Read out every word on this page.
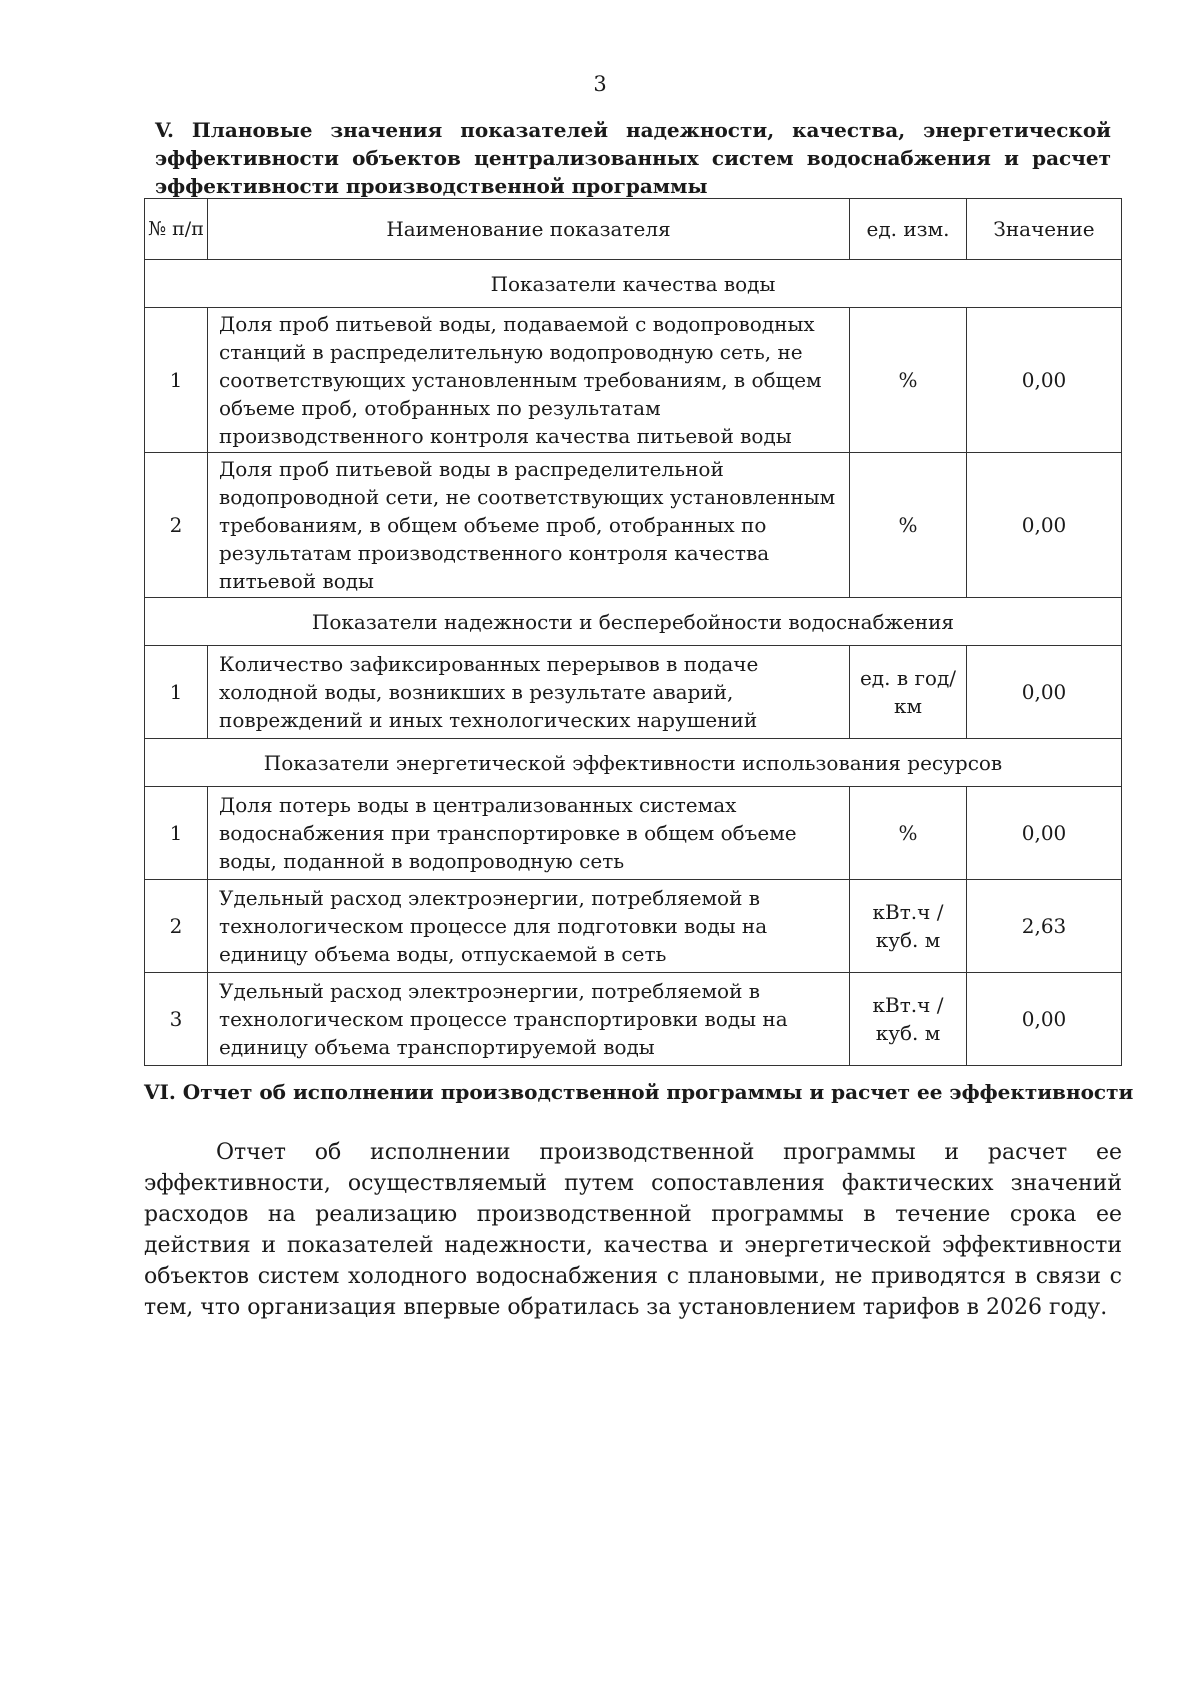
3
V. Плановые значения показателей надежности, качества, энергетической эффективности объектов централизованных систем водоснабжения и расчет эффективности производственной программы
№ п/п	Наименование показателя	ед. изм.	Значение
Показатели качества воды			
1	Доля проб питьевой воды, подаваемой с водопроводных станций в распределительную водопроводную сеть, не соответствующих установленным требованиям, в общем объеме проб, отобранных по результатам производственного контроля качества питьевой воды	%	0,00
2	Доля проб питьевой воды в распределительной водопроводной сети, не соответствующих установленным требованиям, в общем объеме проб, отобранных по результатам производственного контроля качества питьевой воды	%	0,00
Показатели надежности и бесперебойности водоснабжения			
1	Количество зафиксированных перерывов в подаче холодной воды, возникших в результате аварий, повреждений и иных технологических нарушений	ед. в год/ км	0,00
Показатели энергетической эффективности использования ресурсов			
1	Доля потерь воды в централизованных системах водоснабжения при транспортировке в общем объеме воды, поданной в водопроводную сеть	%	0,00
2	Удельный расход электроэнергии, потребляемой в технологическом процессе для подготовки воды на единицу объема воды, отпускаемой в сеть	кВт.ч / куб. м	2,63
3	Удельный расход электроэнергии, потребляемой в технологическом процессе транспортировки воды на единицу объема транспортируемой воды	кВт.ч / куб. м	0,00
VI. Отчет об исполнении производственной программы и расчет ее эффективности
Отчет об исполнении производственной программы и расчет ее эффективности, осуществляемый путем сопоставления фактических значений расходов на реализацию производственной программы в течение срока ее действия и показателей надежности, качества и энергетической эффективности объектов систем холодного водоснабжения с плановыми, не приводятся в связи с тем, что организация впервые обратилась за установлением тарифов в 2026 году.
